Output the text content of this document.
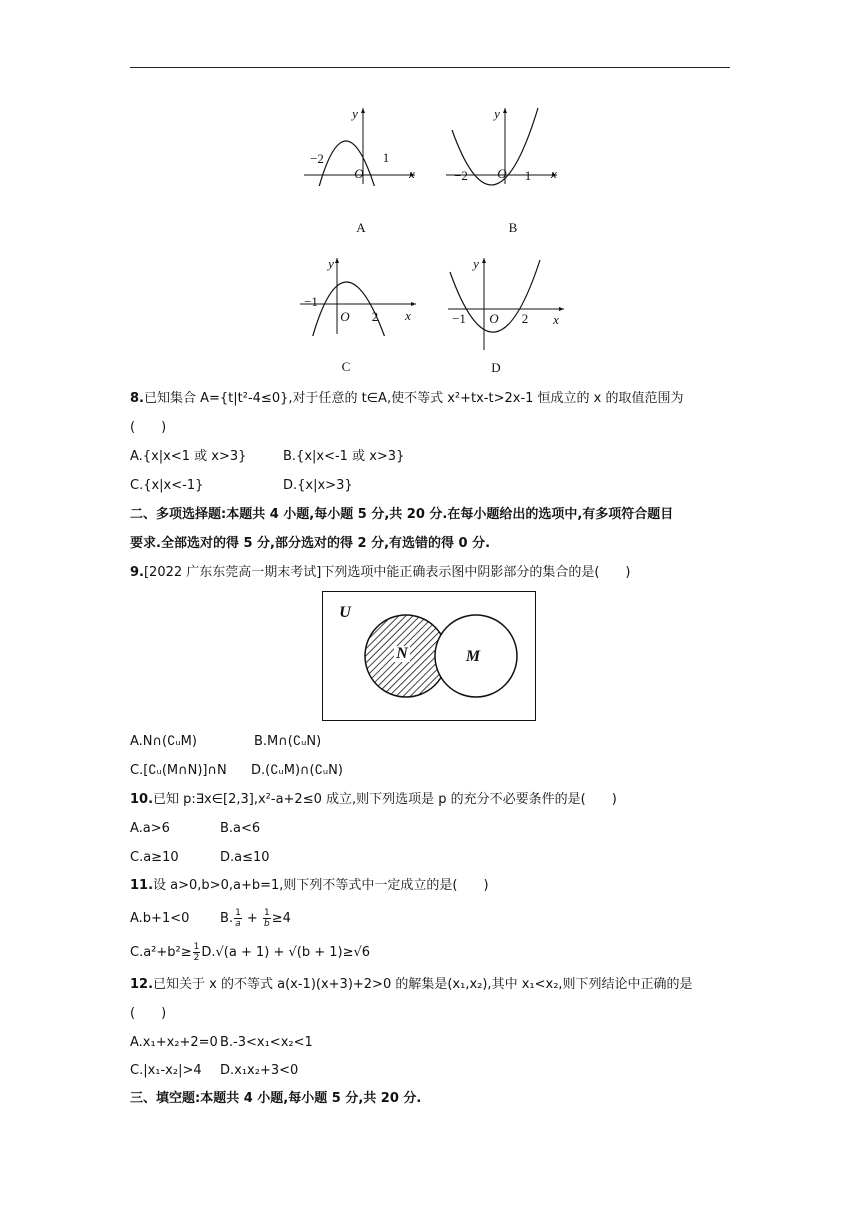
y
−2	1
O	x
A
y
−2	1
O	x
B
y
−1
2
O	x
C
y
−1	2
O	x
D
8.已知集合 A={t|t²-4≤0},对于任意的 t∈A,使不等式 x²+tx-t>2x-1 恒成立的 x 的取值范围为
(　　)
A.{x|x<1 或 x>3}	B.{x|x<-1 或 x>3}
C.{x|x<-1}	D.{x|x>3}
二、多项选择题:本题共 4 小题,每小题 5 分,共 20 分.在每小题给出的选项中,有多项符合题目
要求.全部选对的得 5 分,部分选对的得 2 分,有选错的得 0 分.
9.[2022 广东东莞高一期末考试]下列选项中能正确表示图中阴影部分的集合的是(　　)
U
N	M
A.N∩(∁ᵤM)	B.M∩(∁ᵤN)
C.[∁ᵤ(M∩N)]∩N D.(∁ᵤM)∩(∁ᵤN)
10.已知 p:∃x∈[2,3],x²-a+2≤0 成立,则下列选项是 p 的充分不必要条件的是(　　)
A.a>6	B.a<6
C.a≥10	D.a≤10
11.设 a>0,b>0,a+b=1,则下列不等式中一定成立的是(　　)
A.b+1<0 B. $\frac{1}{a} + \frac{1}{b} \ge 4$
$C.a^2+b^2\ge \frac{1}{2} D.√(a + 1) + √(b + 1)\ge√6$
12.已知关于 x 的不等式 a(x-1)(x+3)+2>0 的解集是(x₁,x₂),其中 x₁<x₂,则下列结论中正确的是
(　　)
A.x₁+x₂+2=0 B.-3<x₁<x₂<1
C.|x₁-x₂|>4 D.x₁x₂+3<0
三、填空题:本题共 4 小题,每小题 5 分,共 20 分.
